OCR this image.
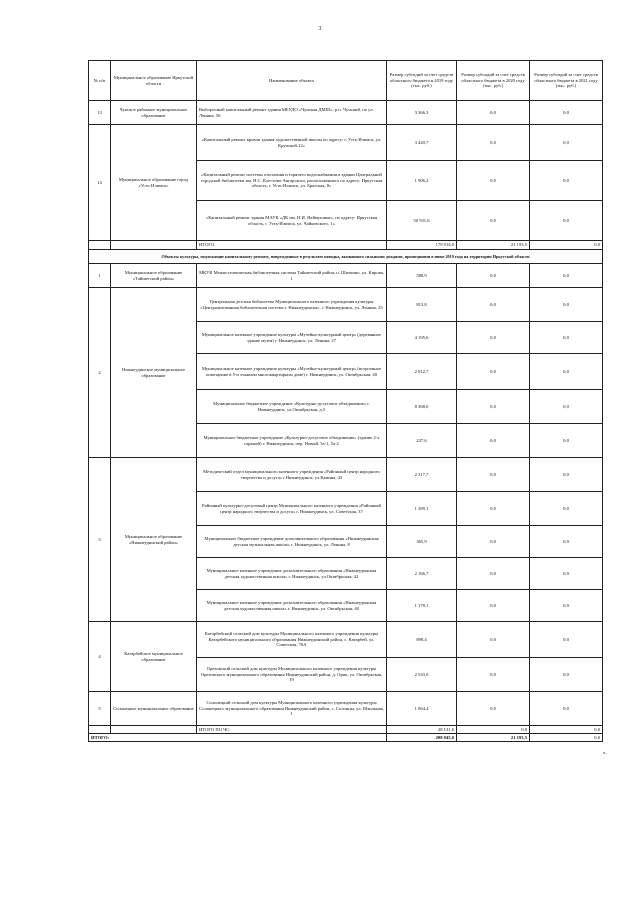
3
№ п/п	Муниципальное образование Иркутской области	Наименование объекта	Размер субсидий за счет средств областного бюджета в 2019 году (тыс. руб.)	Размер субсидий за счет средств областного бюджета в 2020 году (тыс. руб.)	Размер субсидий за счет средств областного бюджета в 2021 году (тыс. руб.)
13	Чунское районное муниципальное образование	Выборочный капитальный ремонт здания МБУДО «Чунская ДМШ», р.п. Чунский, по ул. Ленина, 56	3 366,3	0,0	0,0
14	Муниципальное образование город «Усть-Илимск»	«Капитальный ремонт кровли здания художественной школы по адресу: г. Усть-Илимск, ул. Крупской,12»	3 420,7	0,0	0,0
		«Капитальный ремонт системы отопления и горячего водоснабжения в здании Центральной городской библиотеки им. Н.С. Клестова-Ангарского, расположенного по адресу: Иркутская область, г. Усть-Илимск, ул. Братская, 8»	1 906,2	0,0	0,0
		«Капитальный ремонт здания МАУК «ДК им. Н.И. Наймушина», по адресу: Иркутская область, г. Усть-Илимск, ул. Чайковского, 1»	50 931,6	0,0	0,0
		ИТОГО:	179 914,0	21 193,5	0,0
Объекты культуры, подлежащие капитальному ремонту, поврежденные в результате паводка, вызванного сильными дождями, прошедшими в июне 2019 года на территории Иркутской области					
1	Муниципальное образование «Тайшетский район»	МКУК Межпоселенческая библиотечная система Тайшетский район, п. Шиткино, ул. Кирова, 1	580,9	0,0	0,0
2	Нижнеудинское муниципальное образование	Центральная детская библиотека Муниципального казенного учреждения культуры «Централизованная библиотечная система г. Нижнеудинска», г. Нижнеудинск, ул. Ленина, 25	813,8	0,0	0,0
		Муниципальное казенное учреждение культуры «Музейно-культурный центр» (деревянное здание музея) г. Нижнеудинск, ул. Ленина, 27	4 195,6	0,0	0,0
		Муниципальное казенное учреждение культуры «Музейно-культурный центр» (встроенное помещение в 5-и этажном многоквартирном доме) г. Нижнеудинск, ул. Октябрьская, 40	2 012,7	0,0	0,0
		Муниципальное бюджетное учреждение «Культурно-досуговое объединение» г. Нижнеудинск, ул.Октябрьская, д.5	8 368,0	0,0	0,0
		Муниципальное бюджетное учреждение «Культурно-досуговое объединение» (здание 2-х гаражей) г. Нижнеудинск, пер. Новый, 5а-1, 5а-2	237,6	0,0	0,0
3	Муниципальное образование «Нижнеудинский район»	Методический отдел муниципального казенного учреждения «Районный центр народного творчества и досуга» г.Нижнеудинск, ул.Камина, 43	2 317,7	0,0	0,0
		Районный культурно-досуговый центр Муниципального казенного учреждения «Районный центр народного творчества и досуга» г. Нижнеудинск, ул. Советская, 37	1 389,1	0,0	0,0
		Муниципальное бюджетное учреждение дополнительного образования «Нижнеудинская детская музыкальная школа» г. Нижнеудинск, ул. Ленина, 8	365,9	0,0	0,0
		Муниципальное казенное учреждение дополнительного образования «Нижнеудинская детская художественная школа» г. Нижнеудинск, ул.Октябрьская, 42	2 166,7	0,0	0,0
		Муниципальное казенное учреждение дополнительного образования «Нижнеудинская детская художественная школа» г. Нижнеудинск, ул. Октябрьская, 40	1 178,1	0,0	0,0
4	Катарбейское муниципальное образование	Катарбейский сельский дом культуры Муниципального казенного учреждения культуры Катарбейского муниципального образования Нижнеудинский район, с. Катарбей, ул. Советская, 76А	898,4	0,0	0,0
		Ореховский сельский дом культуры Муниципального казенного учреждения культуры Ореховского муниципального образования Нижнеудинский район, д. Орик, ул. Октябрьская, 19	2 543,0	0,0	0,0
5	Солонецкое муниципальное образование	Солонецкий сельский дом культуры Муниципального казенного учреждения культуры Солонецкого муниципального образования Нижнеудинский район, с. Солонцы, ул. Школьная, 1	1 064,4	0,0	0,0
		ИТОГО ПО ЧС:	28 131,6	0,0	0,0
ИТОГО:			208 045,6	21 193,5	0,0
».
